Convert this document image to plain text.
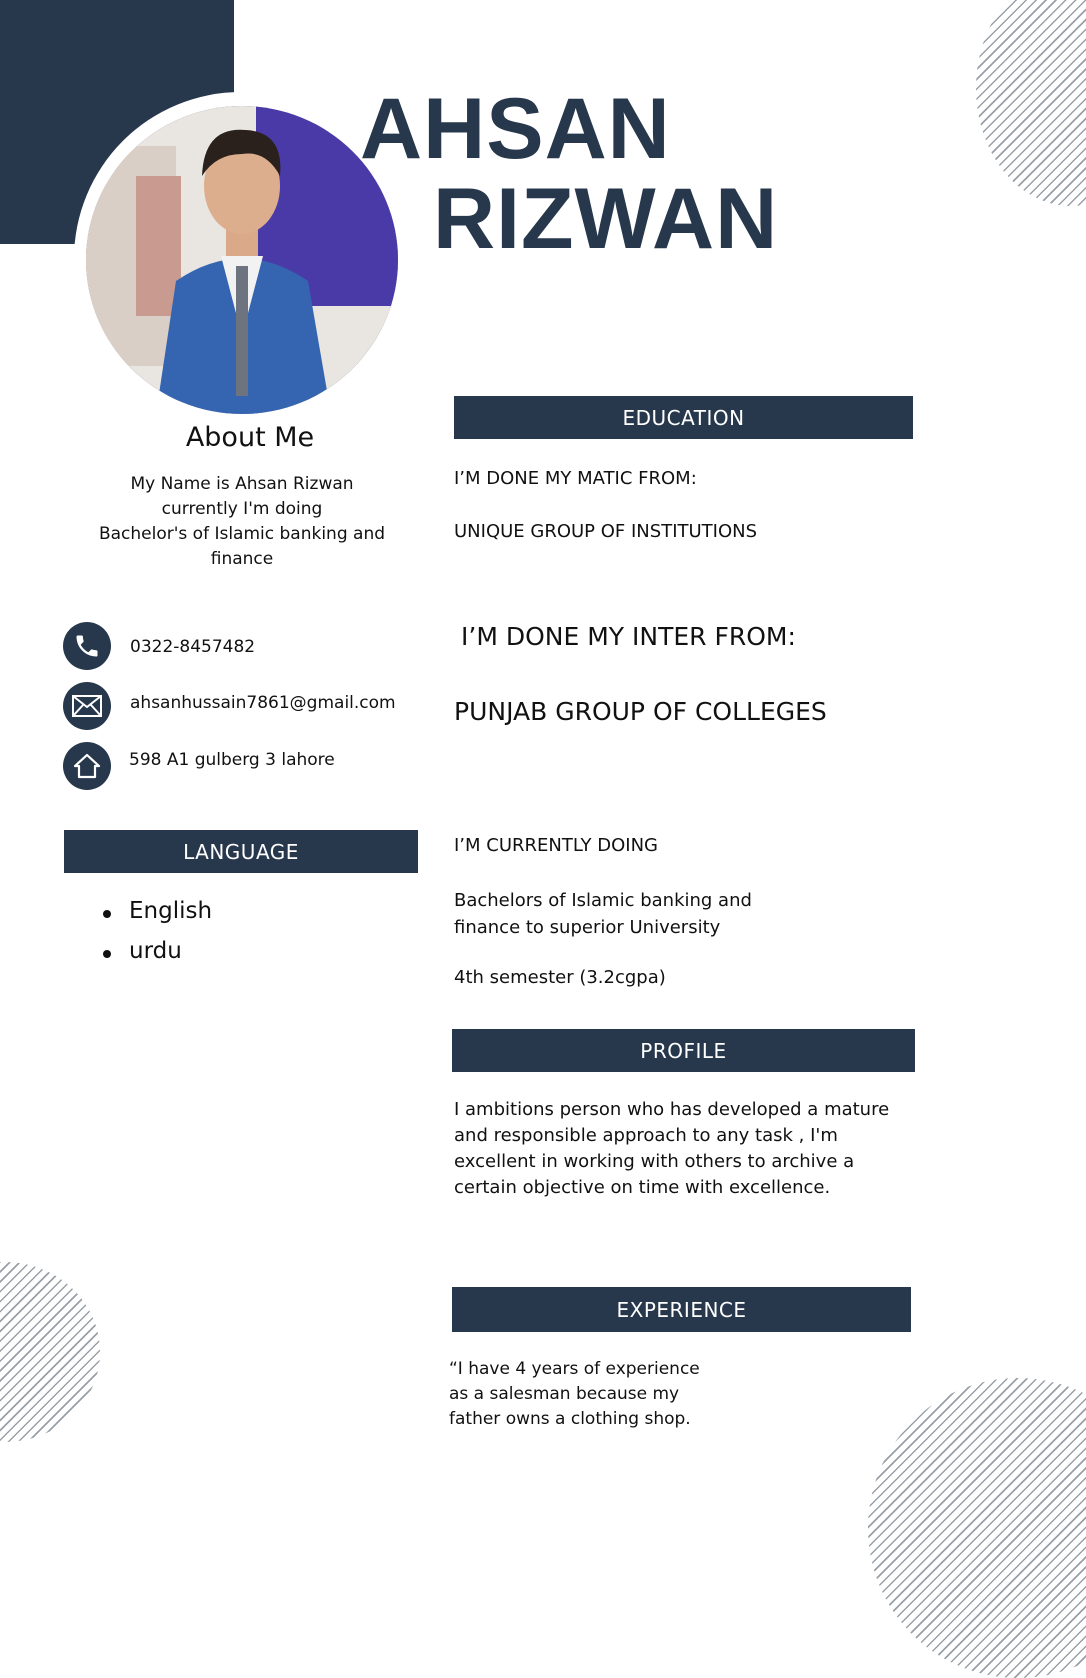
AHSAN
RIZWAN
About Me
My Name is Ahsan Rizwan
currently I'm doing
Bachelor's of Islamic banking and
finance
0322-8457482
ahsanhussain7861@gmail.com
598 A1 gulberg 3 lahore
LANGUAGE
English
urdu
EDUCATION
I’M DONE MY MATIC FROM:
UNIQUE GROUP OF INSTITUTIONS
I’M DONE MY INTER FROM:
PUNJAB GROUP OF COLLEGES
I’M CURRENTLY DOING
Bachelors of Islamic banking and
finance to superior University
4th semester (3.2cgpa)
PROFILE
I ambitions person who has developed a mature
and responsible approach to any task , I'm
excellent in working with others to archive a
certain objective on time with excellence.
EXPERIENCE
“I have 4 years of experience
as a salesman because my
father owns a clothing shop.
